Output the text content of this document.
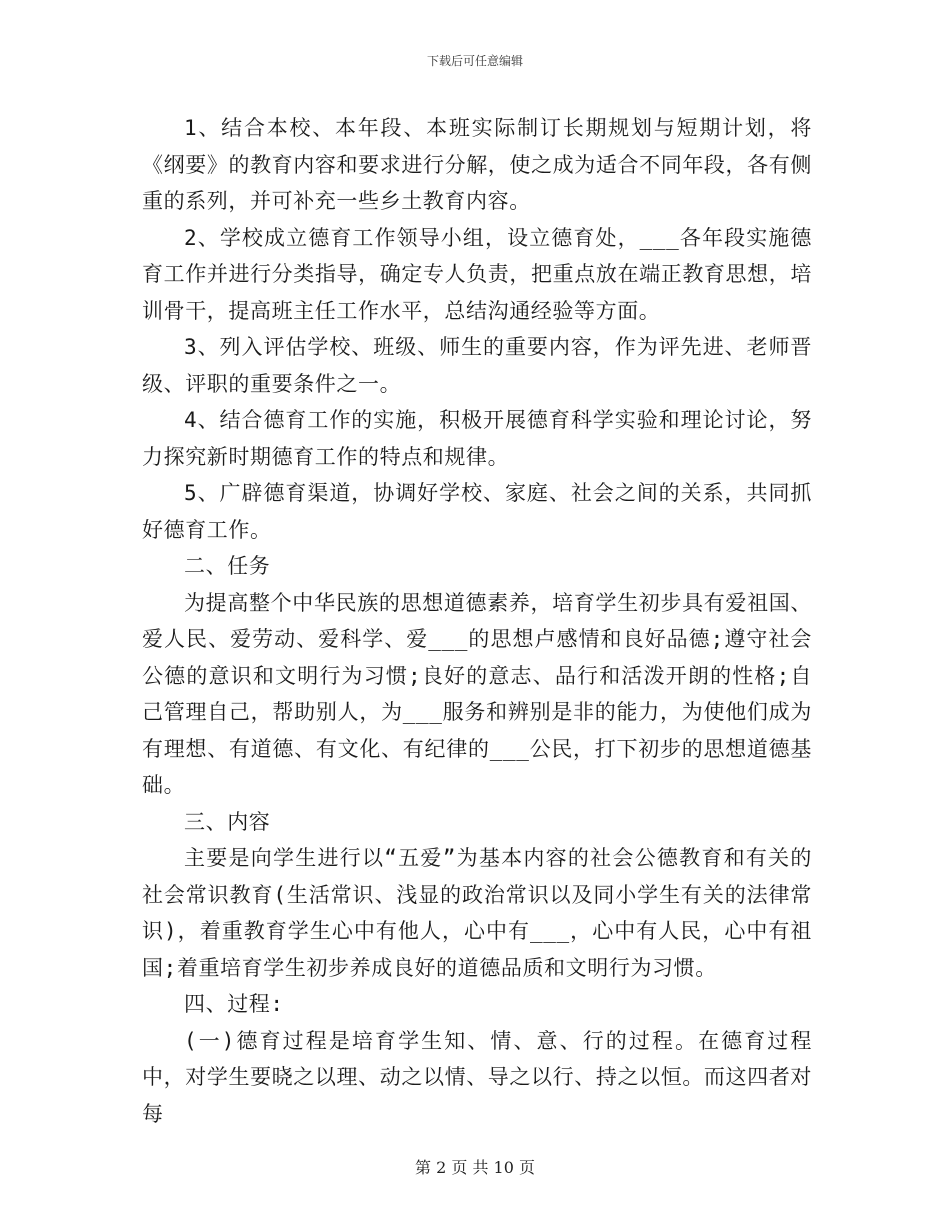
下载后可任意编辑

1、结合本校、本年段、本班实际制订长期规划与短期计划，将《纲要》的教育内容和要求进行分解，使之成为适合不同年段，各有侧重的系列，并可补充一些乡土教育内容。

2、学校成立德育工作领导小组，设立德育处，___各年段实施德育工作并进行分类指导，确定专人负责，把重点放在端正教育思想，培训骨干，提高班主任工作水平，总结沟通经验等方面。

3、列入评估学校、班级、师生的重要内容，作为评先进、老师晋级、评职的重要条件之一。

4、结合德育工作的实施，积极开展德育科学实验和理论讨论，努力探究新时期德育工作的特点和规律。

5、广辟德育渠道，协调好学校、家庭、社会之间的关系，共同抓好德育工作。

二、任务

为提高整个中华民族的思想道德素养，培育学生初步具有爱祖国、爱人民、爱劳动、爱科学、爱___的思想卢感情和良好品德;遵守社会公德的意识和文明行为习惯;良好的意志、品行和活泼开朗的性格;自己管理自己，帮助别人，为___服务和辨别是非的能力，为使他们成为有理想、有道德、有文化、有纪律的___公民，打下初步的思想道德基础。

三、内容

主要是向学生进行以“五爱”为基本内容的社会公德教育和有关的社会常识教育(生活常识、浅显的政治常识以及同小学生有关的法律常识)，着重教育学生心中有他人，心中有___，心中有人民，心中有祖国;着重培育学生初步养成良好的道德品质和文明行为习惯。

四、过程:

(一)德育过程是培育学生知、情、意、行的过程。在德育过程中，对学生要晓之以理、动之以情、导之以行、持之以恒。而这四者对每

第 2 页 共 10 页
